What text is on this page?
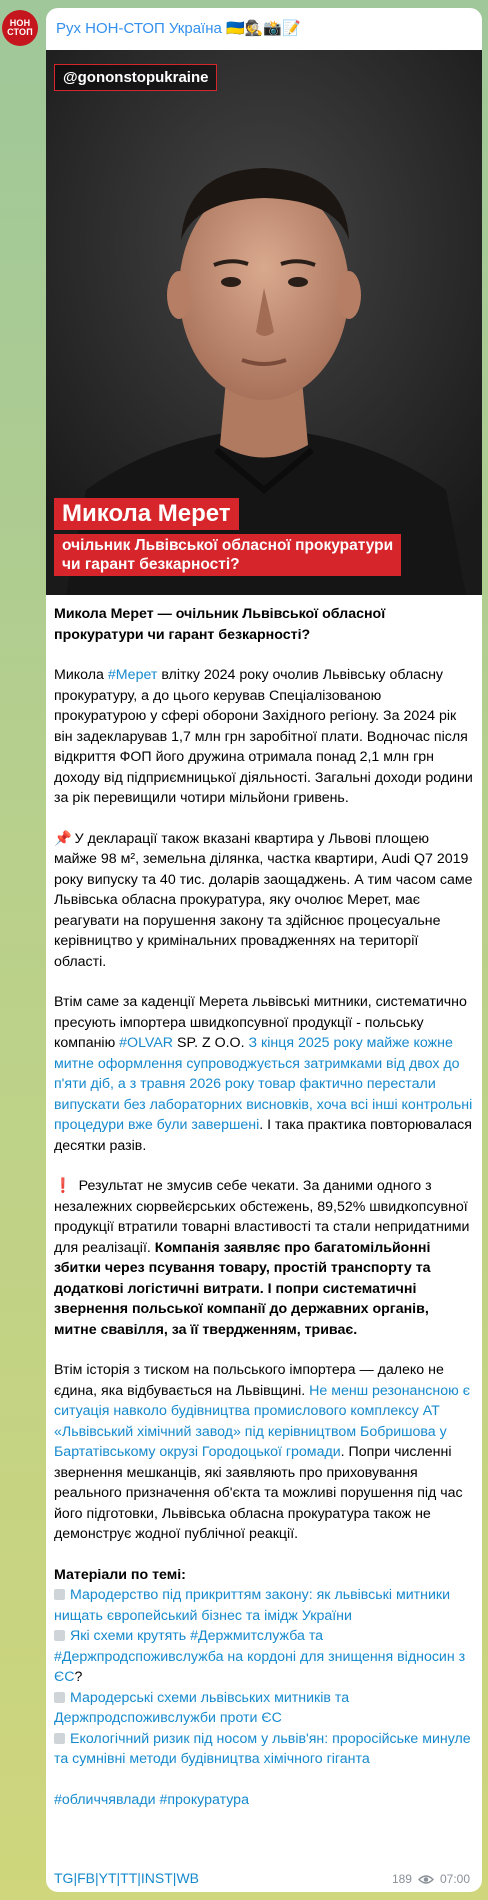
НОН
СТОП Рух НОН-СТОП Україна 🇺🇦🕵️📸📝
@gononstopukraine
Микола Мерет
очільник Львівської обласної прокуратури
чи гарант безкарності?

Микола Мерет — очільник Львівської обласної прокуратури чи гарант безкарності?

Микола #Мерет влітку 2024 року очолив Львівську обласну прокуратуру, а до цього керував Спеціалізованою прокуратурою у сфері оборони Західного регіону. За 2024 рік він задекларував 1,7 млн грн заробітної плати. Водночас після відкриття ФОП його дружина отримала понад 2,1 млн грн доходу від підприємницької діяльності. Загальні доходи родини за рік перевищили чотири мільйони гривень.

📌 У декларації також вказані квартира у Львові площею майже 98 м², земельна ділянка, частка квартири, Audi Q7 2019 року випуску та 40 тис. доларів заощаджень. А тим часом саме Львівська обласна прокуратура, яку очолює Мерет, має реагувати на порушення закону та здійснює процесуальне керівництво у кримінальних провадженнях на території області.

Втім саме за каденції Мерета львівські митники, систематично пресують імпортера швидкопсувної продукції - польську компанію #OLVAR SP. Z O.O. З кінця 2025 року майже кожне митне оформлення супроводжується затримками від двох до п'яти діб, а з травня 2026 року товар фактично перестали випускати без лабораторних висновків, хоча всі інші контрольні процедури вже були завершені. І така практика повторювалася десятки разів.

❗ Результат не змусив себе чекати. За даними одного з незалежних сюрвейєрських обстежень, 89,52% швидкопсувної продукції втратили товарні властивості та стали непридатними для реалізації. Компанія заявляє про багатомільйонні збитки через псування товару, простій транспорту та додаткові логістичні витрати. І попри систематичні звернення польської компанії до державних органів, митне свавілля, за її твердженням, триває.

Втім історія з тиском на польського імпортера — далеко не єдина, яка відбувається на Львівщині. Не менш резонансною є ситуація навколо будівництва промислового комплексу АТ «Львівський хімічний завод» під керівництвом Бобришова у Бартатівському окрузі Городоцької громади. Попри численні звернення мешканців, які заявляють про приховування реального призначення об'єкта та можливі порушення під час його підготовки, Львівська обласна прокуратура також не демонструє жодної публічної реакції.

Матеріали по темі:

Мародерство під прикриттям закону: як львівські митники нищать європейський бізнес та імідж України

Які схеми крутять #Держмитслужба та #Держпродспоживслужба на кордоні для знищення відносин з ЄС?

Мародерські схеми львівських митників та Держпродспоживслужби проти ЄС

Екологічний ризик під носом у львів'ян: проросійське минуле та сумнівні методи будівництва хімічного гіганта

#обличчявлади #прокуратура

TG|FB|YT|TT|INST|WB	189 07:00
